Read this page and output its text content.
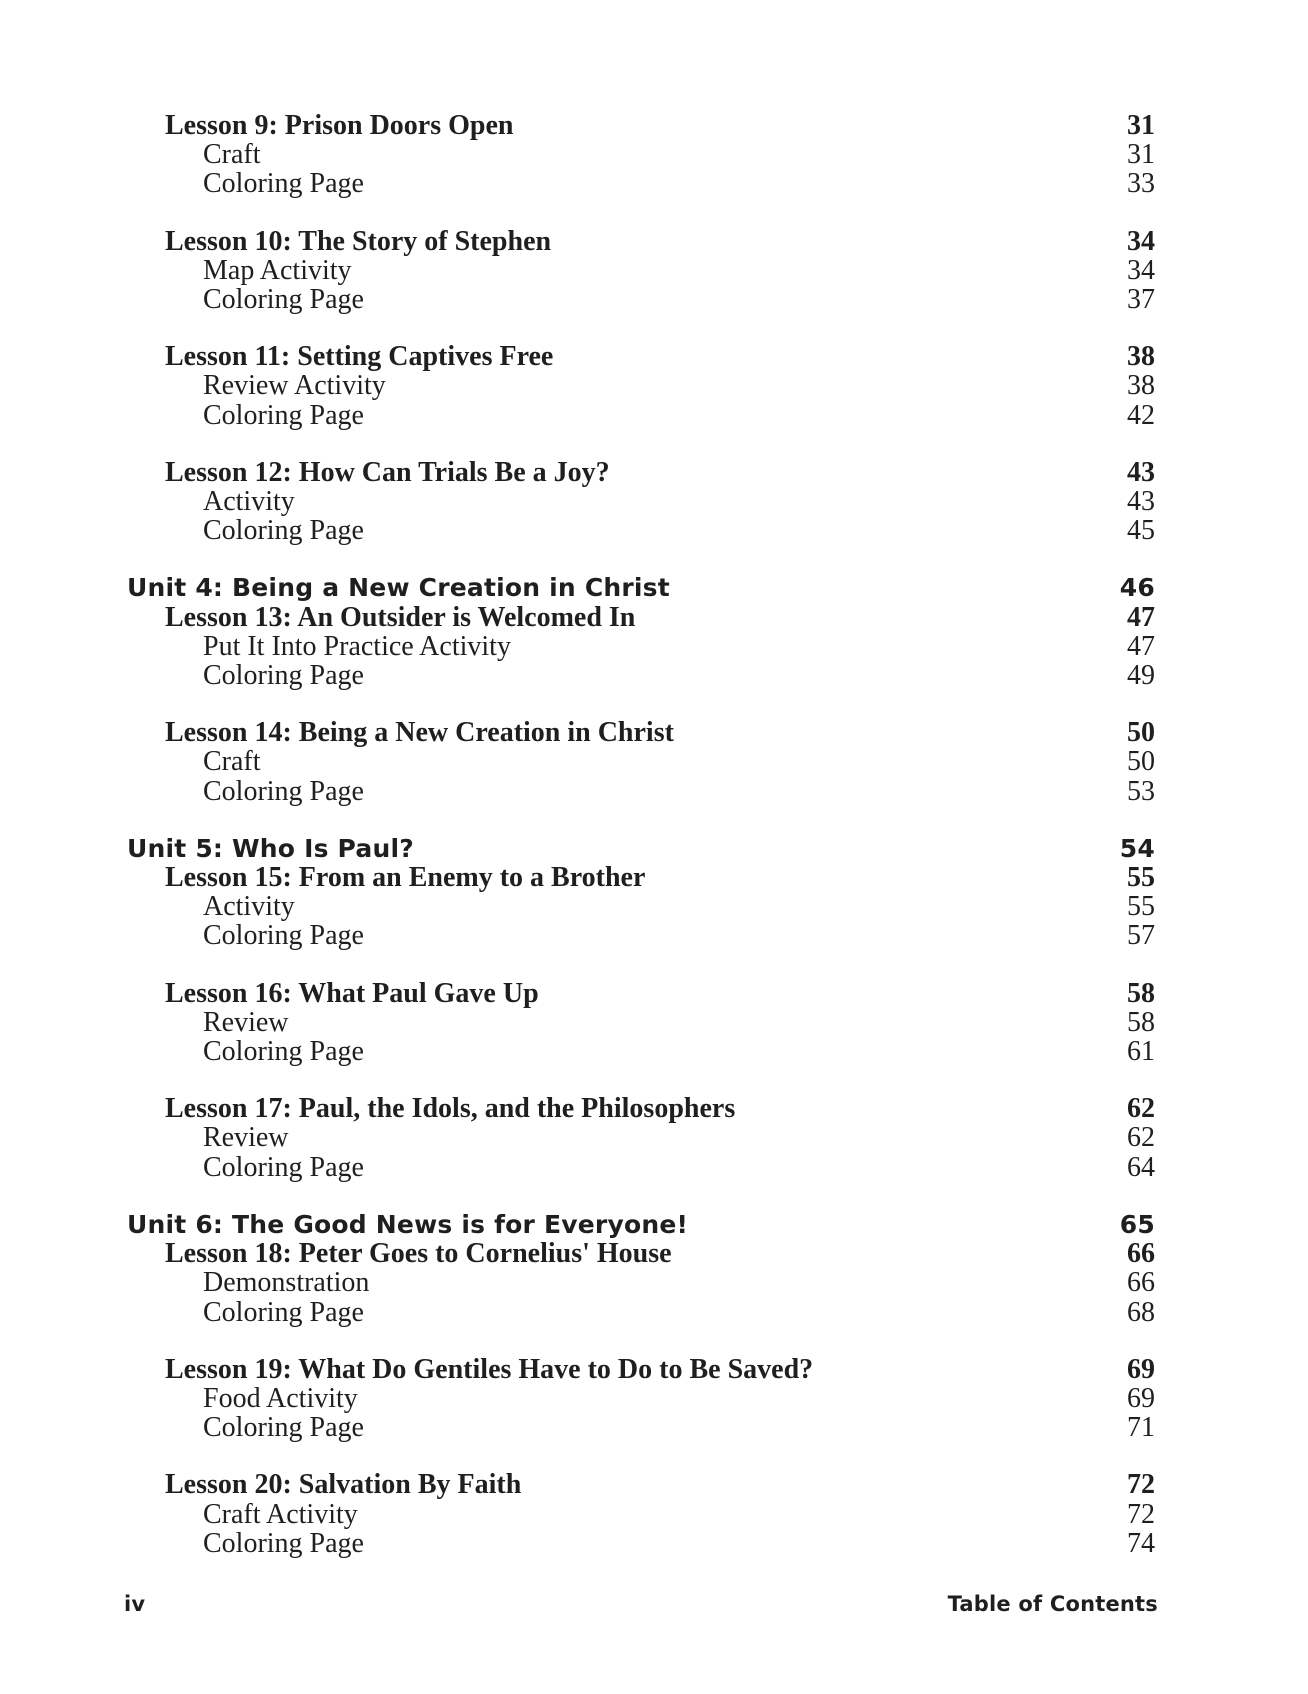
Lesson 9: Prison Doors Open	31
Craft	31
Coloring Page	33
Lesson 10: The Story of Stephen	34
Map Activity	34
Coloring Page	37
Lesson 11: Setting Captives Free	38
Review Activity	38
Coloring Page	42
Lesson 12: How Can Trials Be a Joy?	43
Activity	43
Coloring Page	45
Unit 4: Being a New Creation in Christ	46
Lesson 13: An Outsider is Welcomed In	47
Put It Into Practice Activity	47
Coloring Page	49
Lesson 14: Being a New Creation in Christ	50
Craft	50
Coloring Page	53
Unit 5: Who Is Paul?	54
Lesson 15: From an Enemy to a Brother	55
Activity	55
Coloring Page	57
Lesson 16: What Paul Gave Up	58
Review	58
Coloring Page	61
Lesson 17: Paul, the Idols, and the Philosophers	62
Review	62
Coloring Page	64
Unit 6: The Good News is for Everyone!	65
Lesson 18: Peter Goes to Cornelius' House	66
Demonstration	66
Coloring Page	68
Lesson 19: What Do Gentiles Have to Do to Be Saved?	69
Food Activity	69
Coloring Page	71
Lesson 20: Salvation By Faith	72
Craft Activity	72
Coloring Page	74
iv	Table of Contents
